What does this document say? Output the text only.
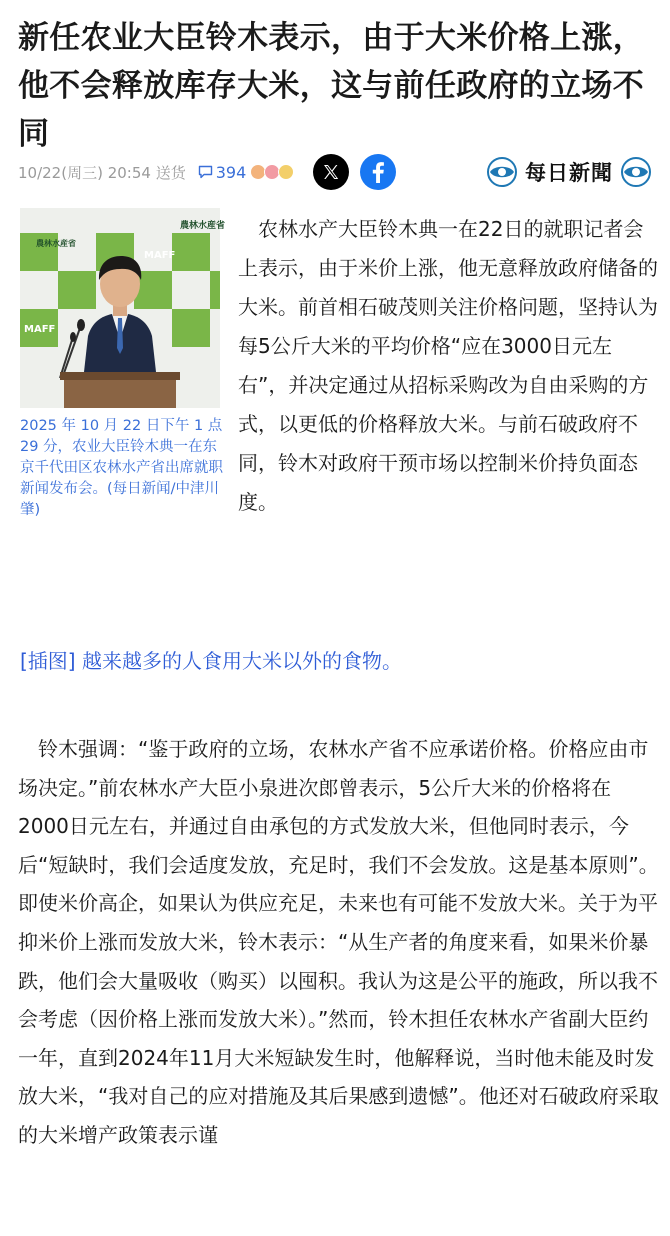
新任农业大臣铃木表示，由于大米价格上涨，他不会释放库存大米，这与前任政府的立场不同
10/22(周三) 20:54 送货 394	每日新聞
農林水産省
農林水産省
MAFF
MAFF
2025 年 10 月 22 日下午 1 点 29 分，农业大臣铃木典一在东京千代田区农林水产省出席就职新闻发布会。(每日新闻/中津川肇)

农林水产大臣铃木典一在22日的就职记者会上表示，由于米价上涨，他无意释放政府储备的大米。前首相石破茂则关注价格问题，坚持认为每5公斤大米的平均价格“应在3000日元左右”，并决定通过从招标采购改为自由采购的方式，以更低的价格释放大米。与前石破政府不同，铃木对政府干预市场以控制米价持负面态度。

[插图] 越来越多的人食用大米以外的食物。

铃木强调：“鉴于政府的立场，农林水产省不应承诺价格。价格应由市场决定。”前农林水产大臣小泉进次郎曾表示，5公斤大米的价格将在2000日元左右，并通过自由承包的方式发放大米，但他同时表示，今后“短缺时，我们会适度发放，充足时，我们不会发放。这是基本原则”。即使米价高企，如果认为供应充足，未来也有可能不发放大米。关于为平抑米价上涨而发放大米，铃木表示：“从生产者的角度来看，如果米价暴跌，他们会大量吸收（购买）以囤积。我认为这是公平的施政，所以我不会考虑（因价格上涨而发放大米）。”然而，铃木担任农林水产省副大臣约一年，直到2024年11月大米短缺发生时，他解释说，当时他未能及时发放大米，“我对自己的应对措施及其后果感到遗憾”。他还对石破政府采取的大米增产政策表示谨
